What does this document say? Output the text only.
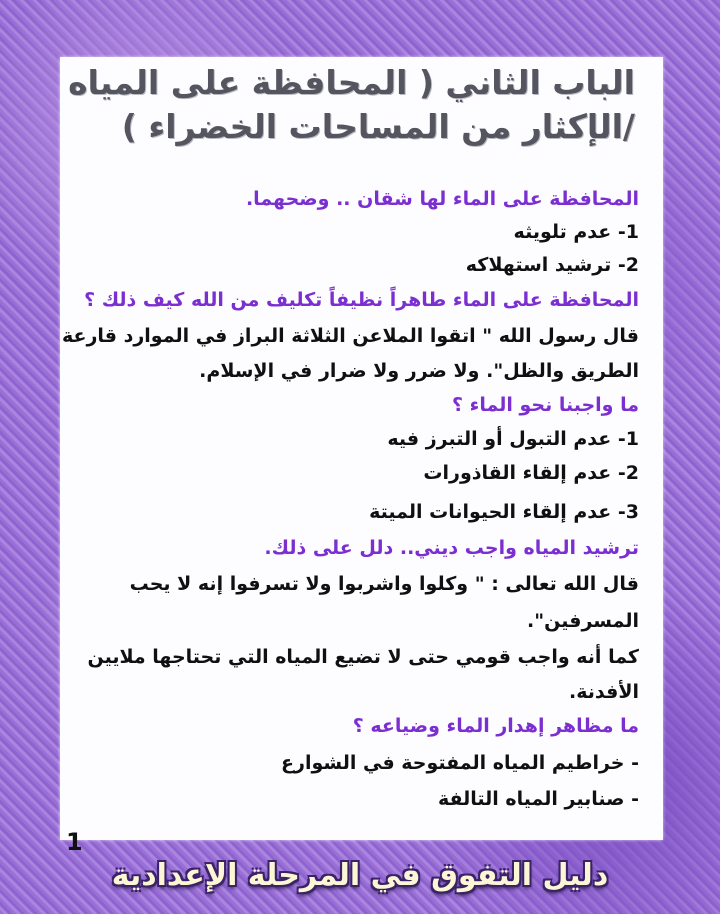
الباب الثاني ( المحافظة على المياه
/الإكثار من المساحات الخضراء )
المحافظة على الماء لها شقان .. وضحهما.
1- عدم تلويثه
2- ترشيد استهلاكه
المحافظة على الماء طاهراً نظيفاً تكليف من الله كيف ذلك ؟
قال رسول الله " اتقوا الملاعن الثلاثة البراز في الموارد قارعة
الطريق والظل". ولا ضرر ولا ضرار في الإسلام.
ما واجبنا نحو الماء ؟
1- عدم التبول أو التبرز فيه
2- عدم إلقاء القاذورات
3- عدم إلقاء الحيوانات الميتة
ترشيد المياه واجب ديني.. دلل على ذلك.
قال الله تعالى : " وكلوا واشربوا ولا تسرفوا إنه لا يحب
المسرفين".
كما أنه واجب قومي حتى لا تضيع المياه التي تحتاجها ملايين
الأفدنة.
ما مظاهر إهدار الماء وضياعه ؟
- خراطيم المياه المفتوحة في الشوارع
- صنابير المياه التالفة
1
دليل التفوق في المرحلة الإعدادية
